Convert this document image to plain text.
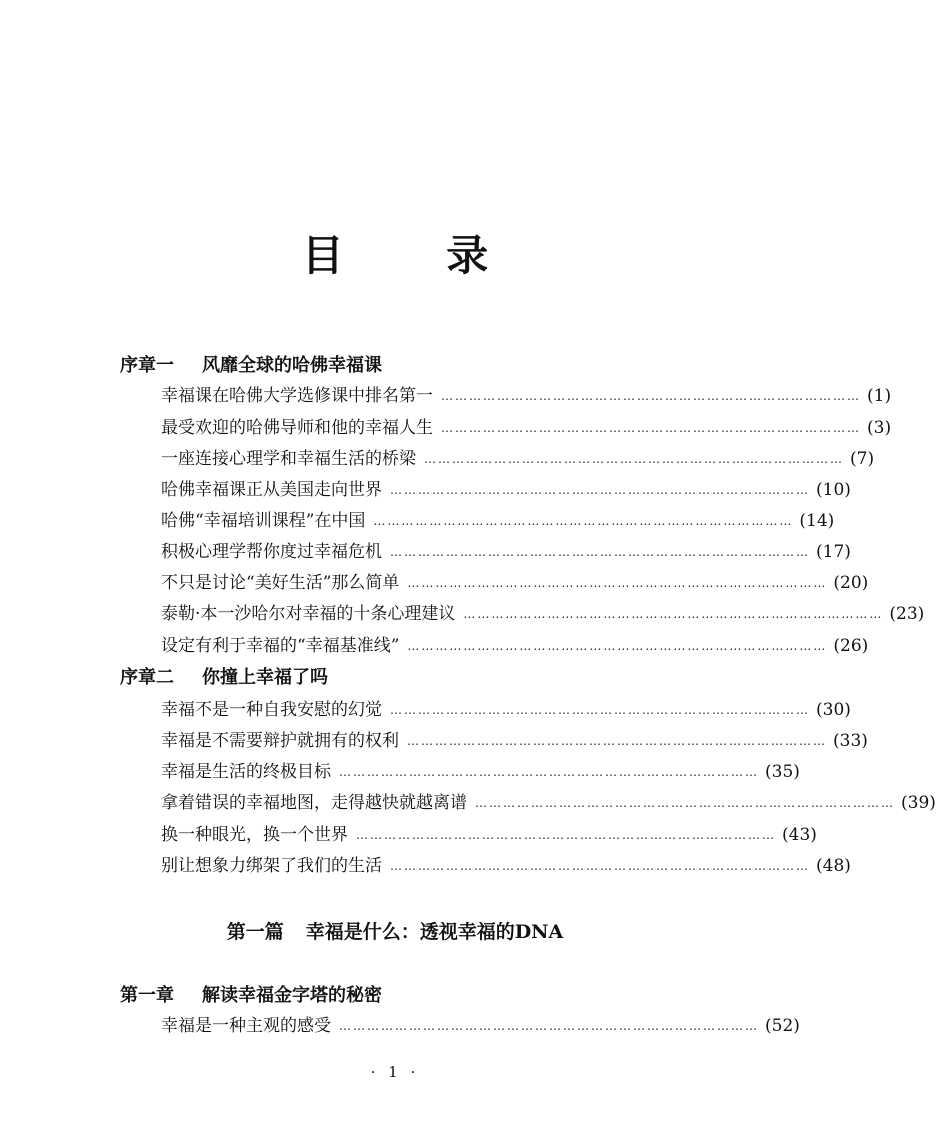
目 录
序章一 风靡全球的哈佛幸福课
幸福课在哈佛大学选修课中排名第一 ……………………………………………………………………………… (1)
最受欢迎的哈佛导师和他的幸福人生 ……………………………………………………………………………… (3)
一座连接心理学和幸福生活的桥梁 ……………………………………………………………………………… (7)
哈佛幸福课正从美国走向世界 ……………………………………………………………………………… (10)
哈佛“幸福培训课程”在中国 ……………………………………………………………………………… (14)
积极心理学帮你度过幸福危机 ……………………………………………………………………………… (17)
不只是讨论“美好生活”那么简单 ……………………………………………………………………………… (20)
泰勒·本一沙哈尔对幸福的十条心理建议 ……………………………………………………………………………… (23)
设定有利于幸福的“幸福基准线” ……………………………………………………………………………… (26)
序章二 你撞上幸福了吗
幸福不是一种自我安慰的幻觉 ……………………………………………………………………………… (30)
幸福是不需要辩护就拥有的权利 ……………………………………………………………………………… (33)
幸福是生活的终极目标 ……………………………………………………………………………… (35)
拿着错误的幸福地图，走得越快就越离谱 ……………………………………………………………………………… (39)
换一种眼光，换一个世界 ……………………………………………………………………………… (43)
别让想象力绑架了我们的生活 ……………………………………………………………………………… (48)
第一篇 幸福是什么：透视幸福的DNA
第一章 解读幸福金字塔的秘密
幸福是一种主观的感受 ……………………………………………………………………………… (52)
· 1 ·
